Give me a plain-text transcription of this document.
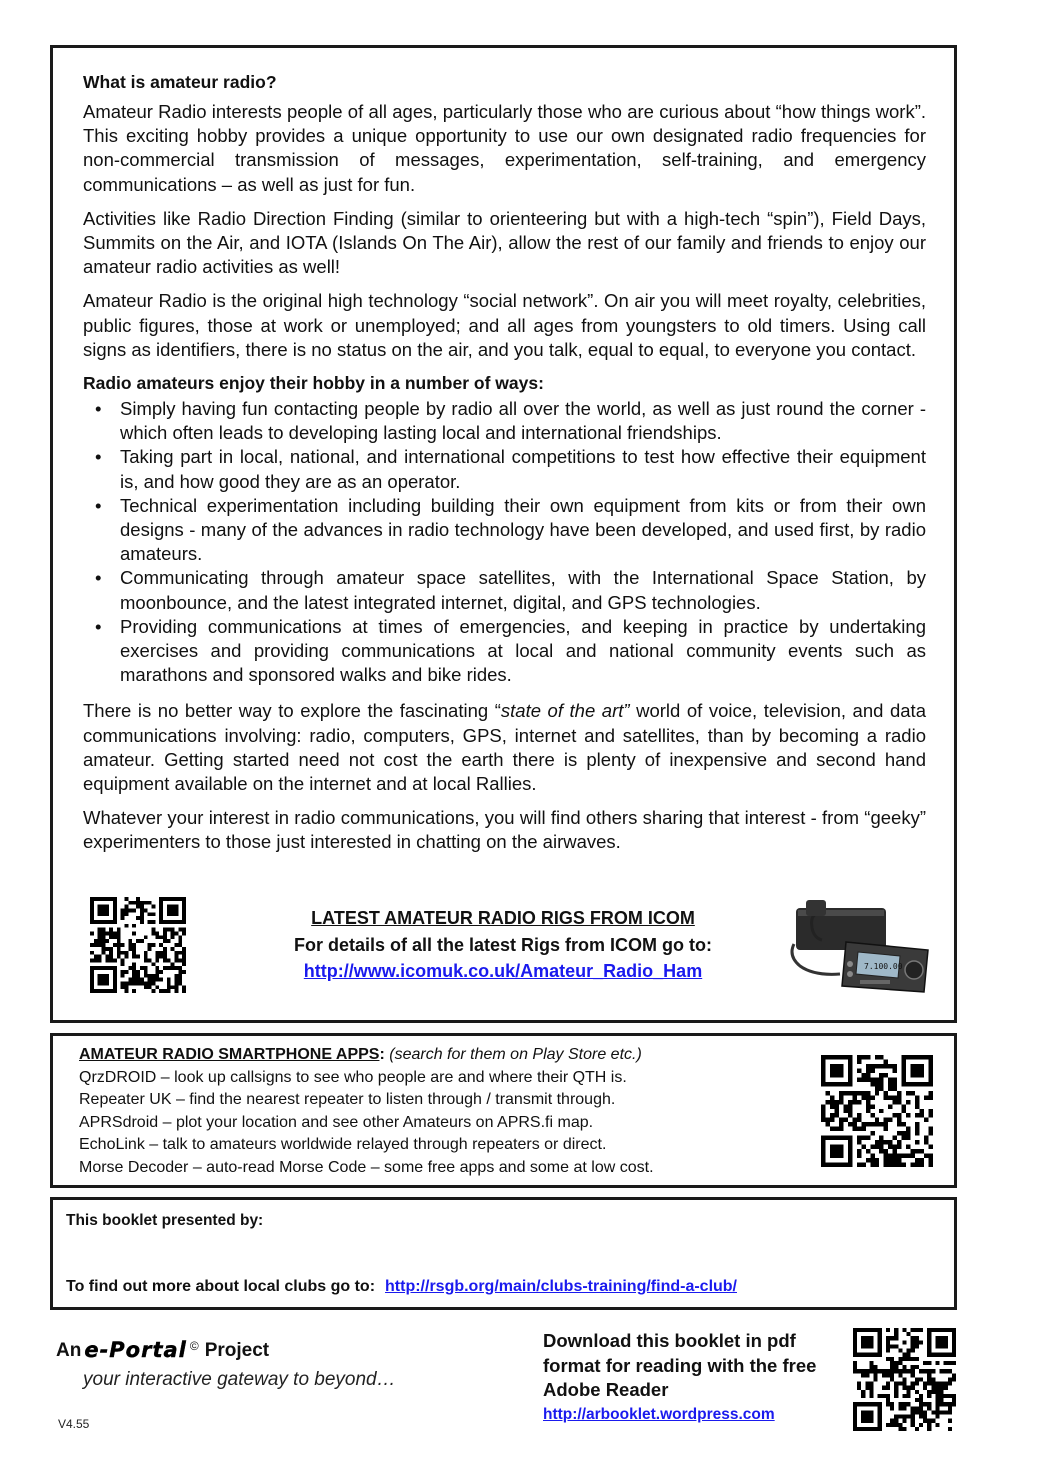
What is amateur radio?
Amateur Radio interests people of all ages, particularly those who are curious about “how things work”. This exciting hobby provides a unique opportunity to use our own designated radio frequencies for non-commercial transmission of messages, experimentation, self-training, and emergency communications – as well as just for fun.
Activities like Radio Direction Finding (similar to orienteering but with a high-tech “spin”), Field Days, Summits on the Air, and IOTA (Islands On The Air), allow the rest of our family and friends to enjoy our amateur radio activities as well!
Amateur Radio is the original high technology “social network”. On air you will meet royalty, celebrities, public figures, those at work or unemployed; and all ages from youngsters to old timers. Using call signs as identifiers, there is no status on the air, and you talk, equal to equal, to everyone you contact.
Radio amateurs enjoy their hobby in a number of ways:
• Simply having fun contacting people by radio all over the world, as well as just round the corner - which often leads to developing lasting local and international friendships.
• Taking part in local, national, and international competitions to test how effective their equipment is, and how good they are as an operator.
• Technical experimentation including building their own equipment from kits or from their own designs - many of the advances in radio technology have been developed, and used first, by radio amateurs.
• Communicating through amateur space satellites, with the International Space Station, by moonbounce, and the latest integrated internet, digital, and GPS technologies.
• Providing communications at times of emergencies, and keeping in practice by undertaking exercises and providing communications at local and national community events such as marathons and sponsored walks and bike rides.
There is no better way to explore the fascinating “state of the art” world of voice, television, and data communications involving: radio, computers, GPS, internet and satellites, than by becoming a radio amateur. Getting started need not cost the earth there is plenty of inexpensive and second hand equipment available on the internet and at local Rallies.
Whatever your interest in radio communications, you will find others sharing that interest - from “geeky” experimenters to those just interested in chatting on the airwaves.
LATEST AMATEUR RADIO RIGS FROM ICOM
For details of all the latest Rigs from ICOM go to:
http://www.icomuk.co.uk/Amateur_Radio_Ham	7.100.00
AMATEUR RADIO SMARTPHONE APPS: (search for them on Play Store etc.)
QrzDROID – look up callsigns to see who people are and where their QTH is.
Repeater UK – find the nearest repeater to listen through / transmit through.
APRSdroid – plot your location and see other Amateurs on APRS.fi map.
EchoLink – talk to amateurs worldwide relayed through repeaters or direct.
Morse Decoder – auto-read Morse Code – some free apps and some at low cost.
This booklet presented by:
To find out more about local clubs go to: http://rsgb.org/main/clubs-training/find-a-club/
An e-Portal © Project
your interactive gateway to beyond…
V4.55
Download this booklet in pdf format for reading with the free Adobe Reader
http://arbooklet.wordpress.com
